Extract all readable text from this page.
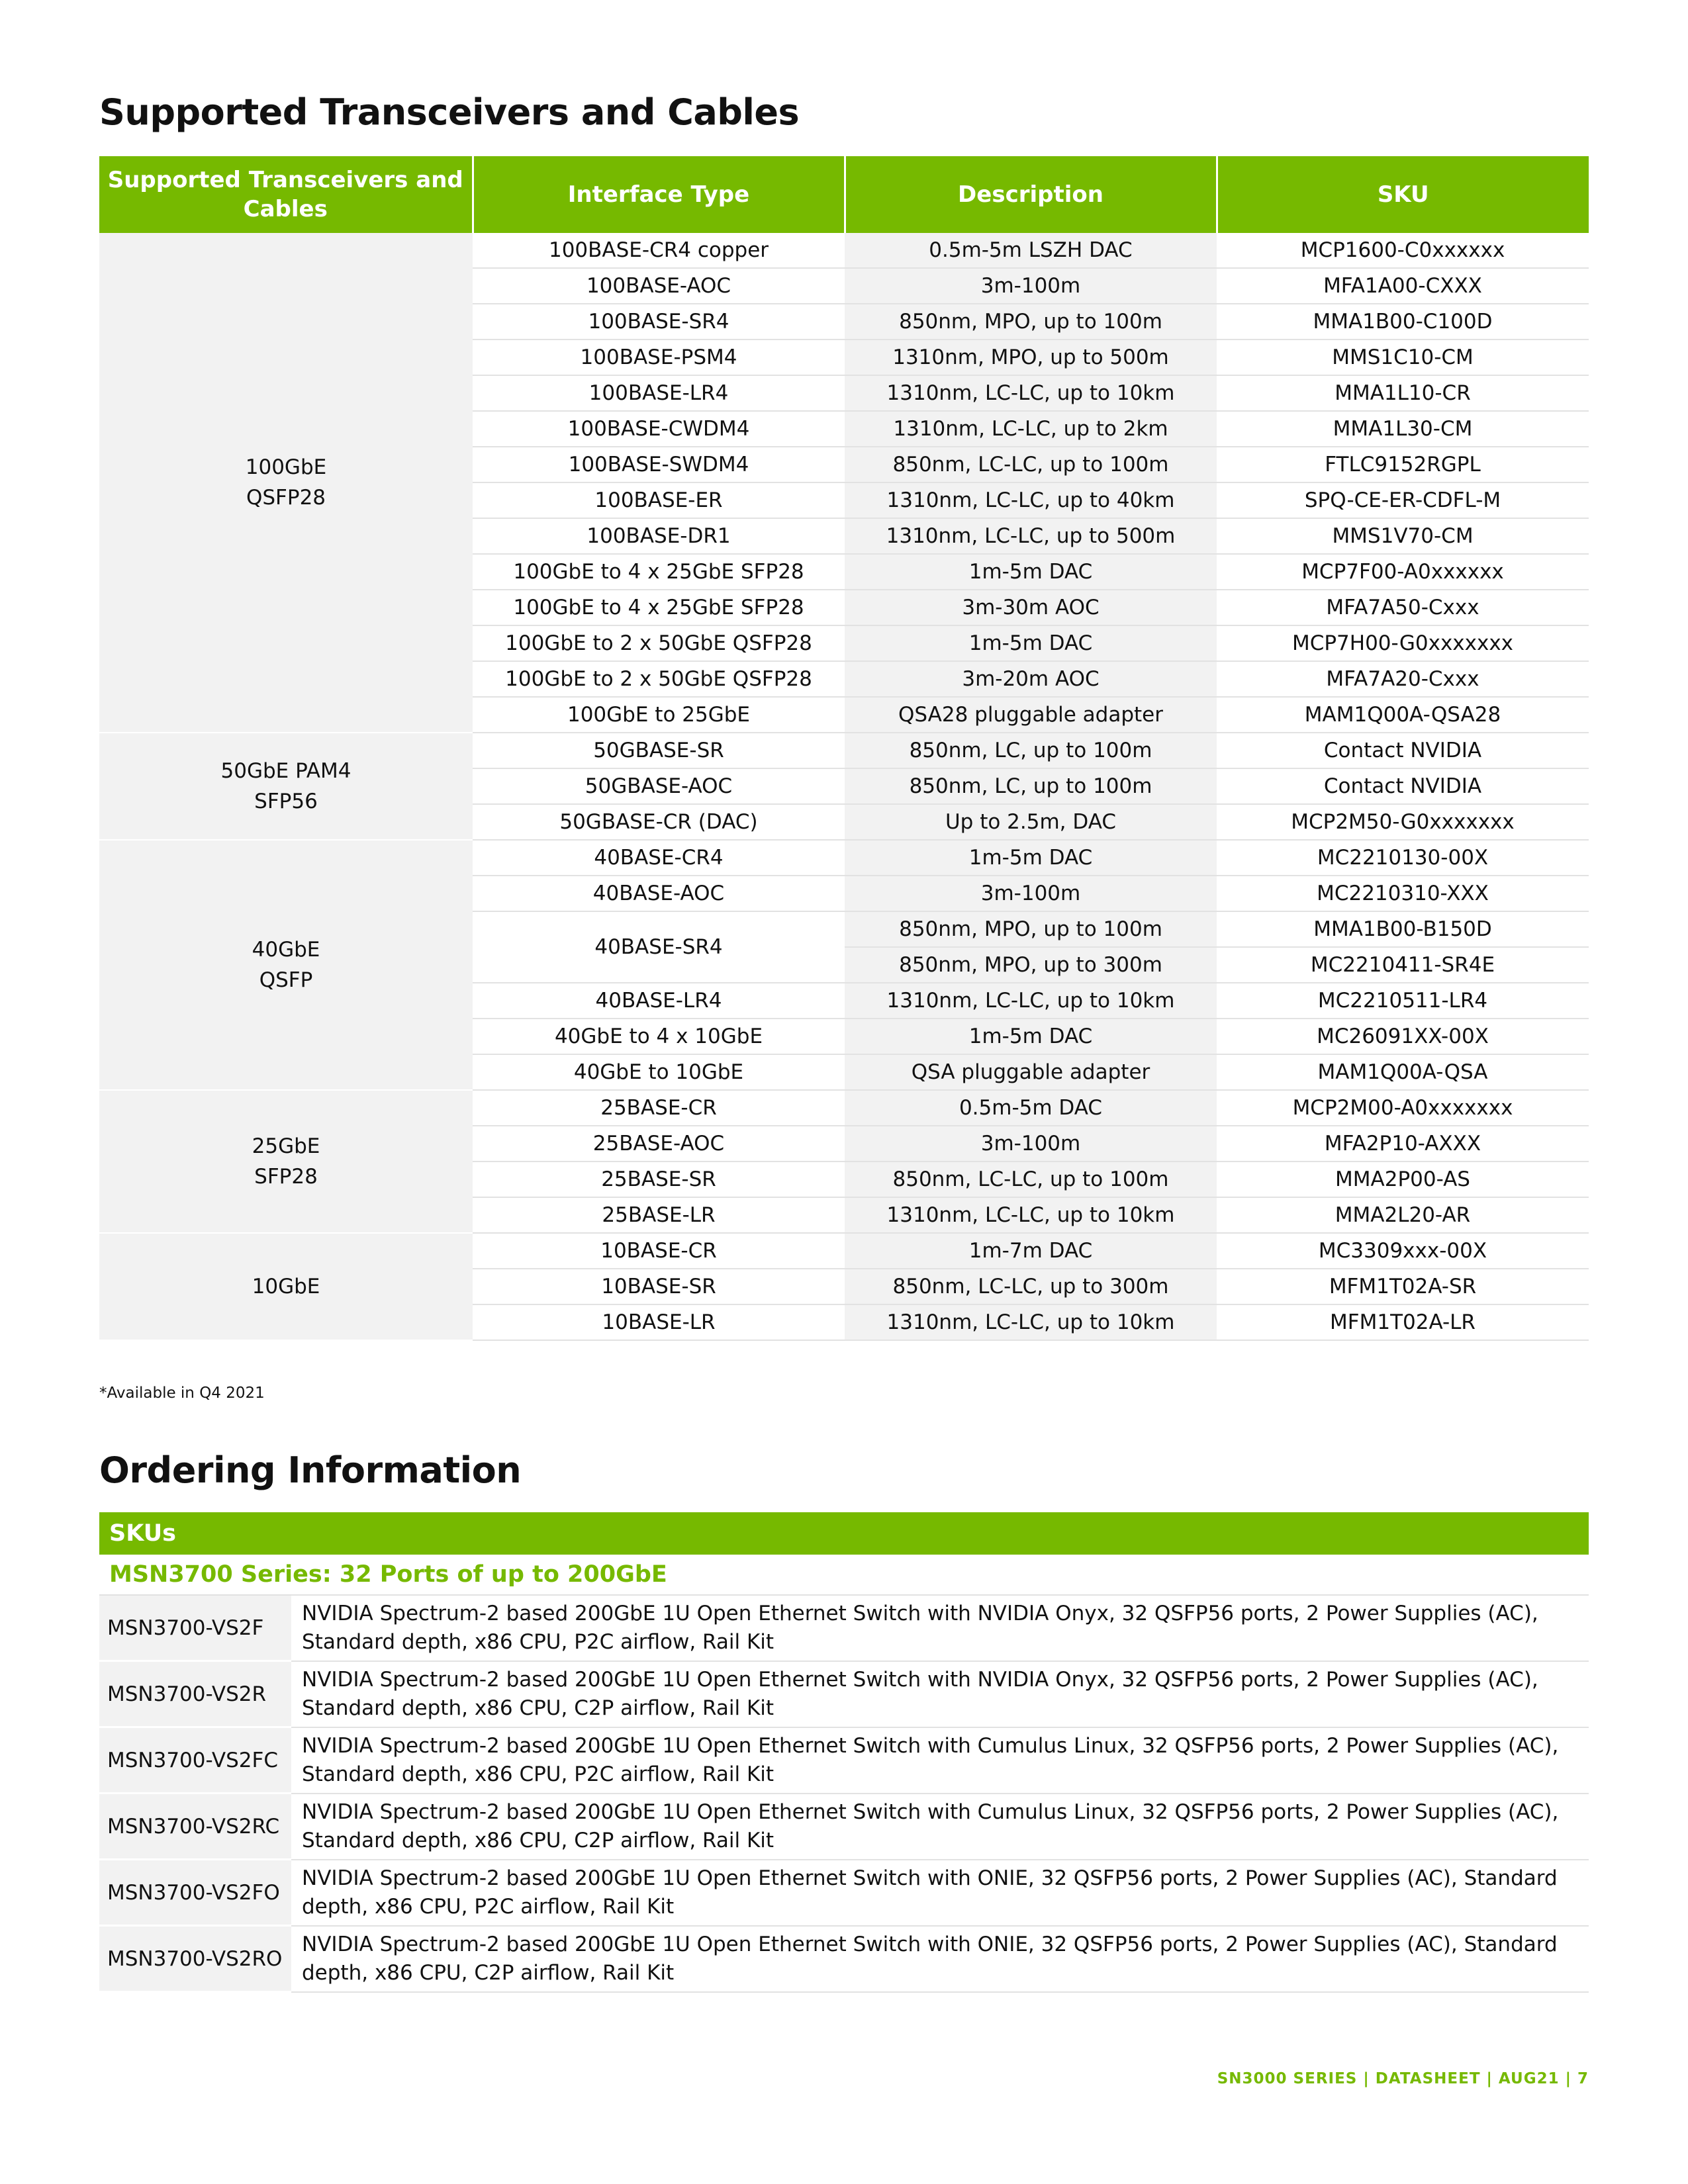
Supported Transceivers and Cables
Supported Transceivers and Cables	Interface Type	Description	SKU
100GbE
QSFP28	100BASE-CR4 copper	0.5m-5m LSZH DAC	MCP1600-C0xxxxxx
	100BASE-AOC	3m-100m	MFA1A00-CXXX
	100BASE-SR4	850nm, MPO, up to 100m	MMA1B00-C100D
	100BASE-PSM4	1310nm, MPO, up to 500m	MMS1C10-CM
	100BASE-LR4	1310nm, LC-LC, up to 10km	MMA1L10-CR
	100BASE-CWDM4	1310nm, LC-LC, up to 2km	MMA1L30-CM
	100BASE-SWDM4	850nm, LC-LC, up to 100m	FTLC9152RGPL
	100BASE-ER	1310nm, LC-LC, up to 40km	SPQ-CE-ER-CDFL-M
	100BASE-DR1	1310nm, LC-LC, up to 500m	MMS1V70-CM
	100GbE to 4 x 25GbE SFP28	1m-5m DAC	MCP7F00-A0xxxxxx
	100GbE to 4 x 25GbE SFP28	3m-30m AOC	MFA7A50-Cxxx
	100GbE to 2 x 50GbE QSFP28	1m-5m DAC	MCP7H00-G0xxxxxxx
	100GbE to 2 x 50GbE QSFP28	3m-20m AOC	MFA7A20-Cxxx
	100GbE to 25GbE	QSA28 pluggable adapter	MAM1Q00A-QSA28
50GbE PAM4
SFP56	50GBASE-SR	850nm, LC, up to 100m	Contact NVIDIA
	50GBASE-AOC	850nm, LC, up to 100m	Contact NVIDIA
	50GBASE-CR (DAC)	Up to 2.5m, DAC	MCP2M50-G0xxxxxxx
40GbE
QSFP	40BASE-CR4	1m-5m DAC	MC2210130-00X
	40BASE-AOC	3m-100m	MC2210310-XXX
	40BASE-SR4	850nm, MPO, up to 100m	MMA1B00-B150D
		850nm, MPO, up to 300m	MC2210411-SR4E
	40BASE-LR4	1310nm, LC-LC, up to 10km	MC2210511-LR4
	40GbE to 4 x 10GbE	1m-5m DAC	MC26091XX-00X
	40GbE to 10GbE	QSA pluggable adapter	MAM1Q00A-QSA
25GbE
SFP28	25BASE-CR	0.5m-5m DAC	MCP2M00-A0xxxxxxx
	25BASE-AOC	3m-100m	MFA2P10-AXXX
	25BASE-SR	850nm, LC-LC, up to 100m	MMA2P00-AS
	25BASE-LR	1310nm, LC-LC, up to 10km	MMA2L20-AR
10GbE	10BASE-CR	1m-7m DAC	MC3309xxx-00X
	10BASE-SR	850nm, LC-LC, up to 300m	MFM1T02A-SR
	10BASE-LR	1310nm, LC-LC, up to 10km	MFM1T02A-LR
*Available in Q4 2021
Ordering Information
SKUs	
MSN3700 Series: 32 Ports of up to 200GbE	
MSN3700-VS2F	NVIDIA Spectrum-2 based 200GbE 1U Open Ethernet Switch with NVIDIA Onyx, 32 QSFP56 ports, 2 Power Supplies (AC), Standard depth, x86 CPU, P2C airflow, Rail Kit
MSN3700-VS2R	NVIDIA Spectrum-2 based 200GbE 1U Open Ethernet Switch with NVIDIA Onyx, 32 QSFP56 ports, 2 Power Supplies (AC), Standard depth, x86 CPU, C2P airflow, Rail Kit
MSN3700-VS2FC	NVIDIA Spectrum-2 based 200GbE 1U Open Ethernet Switch with Cumulus Linux, 32 QSFP56 ports, 2 Power Supplies (AC), Standard depth, x86 CPU, P2C airflow, Rail Kit
MSN3700-VS2RC	NVIDIA Spectrum-2 based 200GbE 1U Open Ethernet Switch with Cumulus Linux, 32 QSFP56 ports, 2 Power Supplies (AC), Standard depth, x86 CPU, C2P airflow, Rail Kit
MSN3700-VS2FO	NVIDIA Spectrum-2 based 200GbE 1U Open Ethernet Switch with ONIE, 32 QSFP56 ports, 2 Power Supplies (AC), Standard depth, x86 CPU, P2C airflow, Rail Kit
MSN3700-VS2RO	NVIDIA Spectrum-2 based 200GbE 1U Open Ethernet Switch with ONIE, 32 QSFP56 ports, 2 Power Supplies (AC), Standard depth, x86 CPU, C2P airflow, Rail Kit
SN3000 SERIES | DATASHEET | AUG21 | 7
